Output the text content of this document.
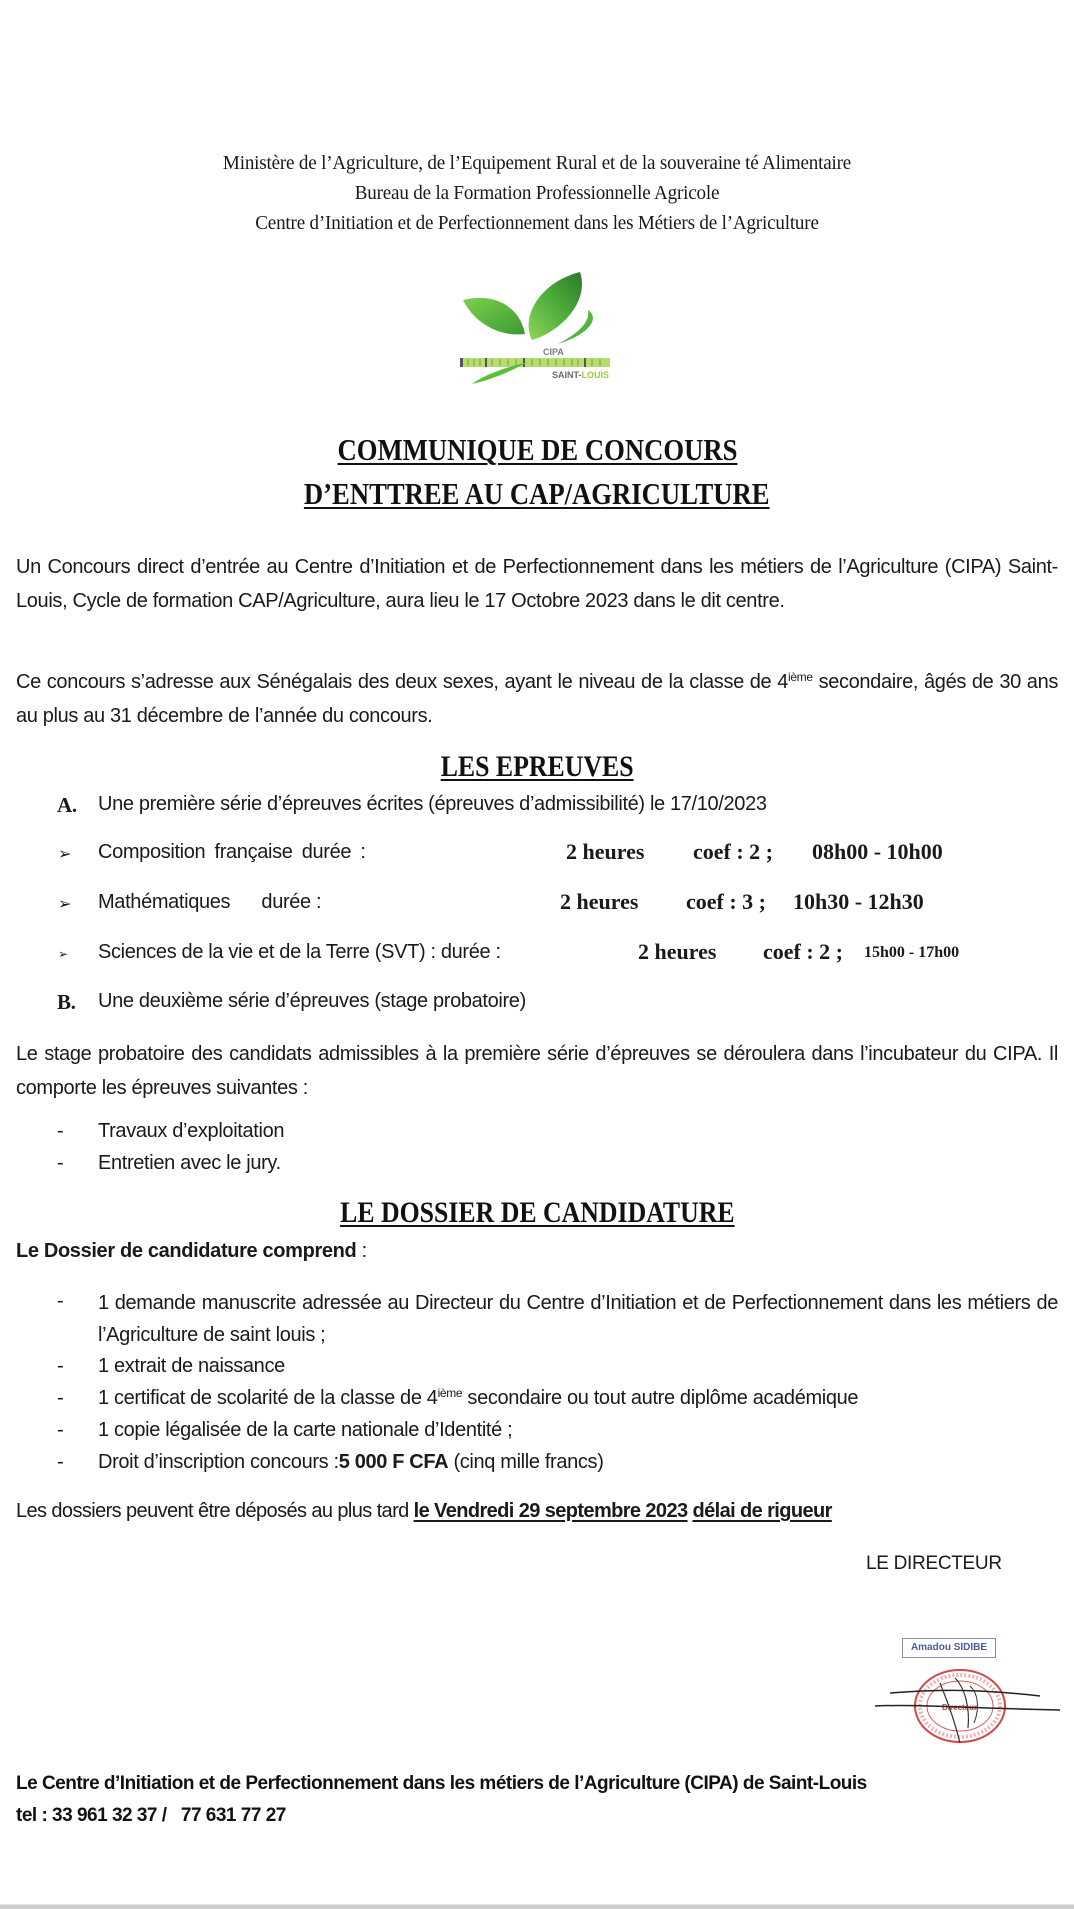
Ministère de l’Agriculture, de l’Equipement Rural et de la souveraine té Alimentaire
Bureau de la Formation Professionnelle Agricole
Centre d’Initiation et de Perfectionnement dans les Métiers de l’Agriculture
CIPA
SAINT-LOUIS
COMMUNIQUE DE CONCOURS
D’ENTTREE AU CAP/AGRICULTURE
Un Concours direct d’entrée au Centre d’Initiation et de Perfectionnement dans les métiers de l’Agriculture (CIPA) Saint-Louis, Cycle de formation CAP/Agriculture, aura lieu le 17 Octobre 2023 dans le dit centre.
Ce concours s’adresse aux Sénégalais des deux sexes, ayant le niveau de la classe de 4ième secondaire, âgés de 30 ans au plus au 31 décembre de l’année du concours.
LES EPREUVES
A. Une première série d’épreuves écrites (épreuves d’admissibilité) le 17/10/2023
➢ Composition française durée :	2 heures coef : 2 ; 08h00 - 10h00
➢ Mathématiques      durée :	2 heures coef : 3 ; 10h30 - 12h30
➢ Sciences de la vie et de la Terre (SVT) : durée :	2 heures coef : 2 ; 15h00 - 17h00
B. Une deuxième série d’épreuves (stage probatoire)
Le stage probatoire des candidats admissibles à la première série d’épreuves se déroulera dans l’incubateur du CIPA. Il comporte les épreuves suivantes :
- Travaux d’exploitation
- Entretien avec le jury.
LE DOSSIER DE CANDIDATURE
Le Dossier de candidature comprend :
- 1 demande manuscrite adressée au Directeur du Centre d’Initiation et de Perfectionnement dans les métiers de l’Agriculture de saint louis ;
- 1 extrait de naissance
- 1 certificat de scolarité de la classe de 4ième secondaire ou tout autre diplôme académique
- 1 copie légalisée de la carte nationale d’Identité ;
- Droit d’inscription concours :5 000 F CFA (cinq mille francs)
Les dossiers peuvent être déposés au plus tard le Vendredi 29 septembre 2023 délai de rigueur
LE DIRECTEUR
Amadou SIDIBE
Directeur
Le Centre d’Initiation et de Perfectionnement dans les métiers de l’Agriculture (CIPA) de Saint-Louis
tel : 33 961 32 37 /   77 631 77 27
